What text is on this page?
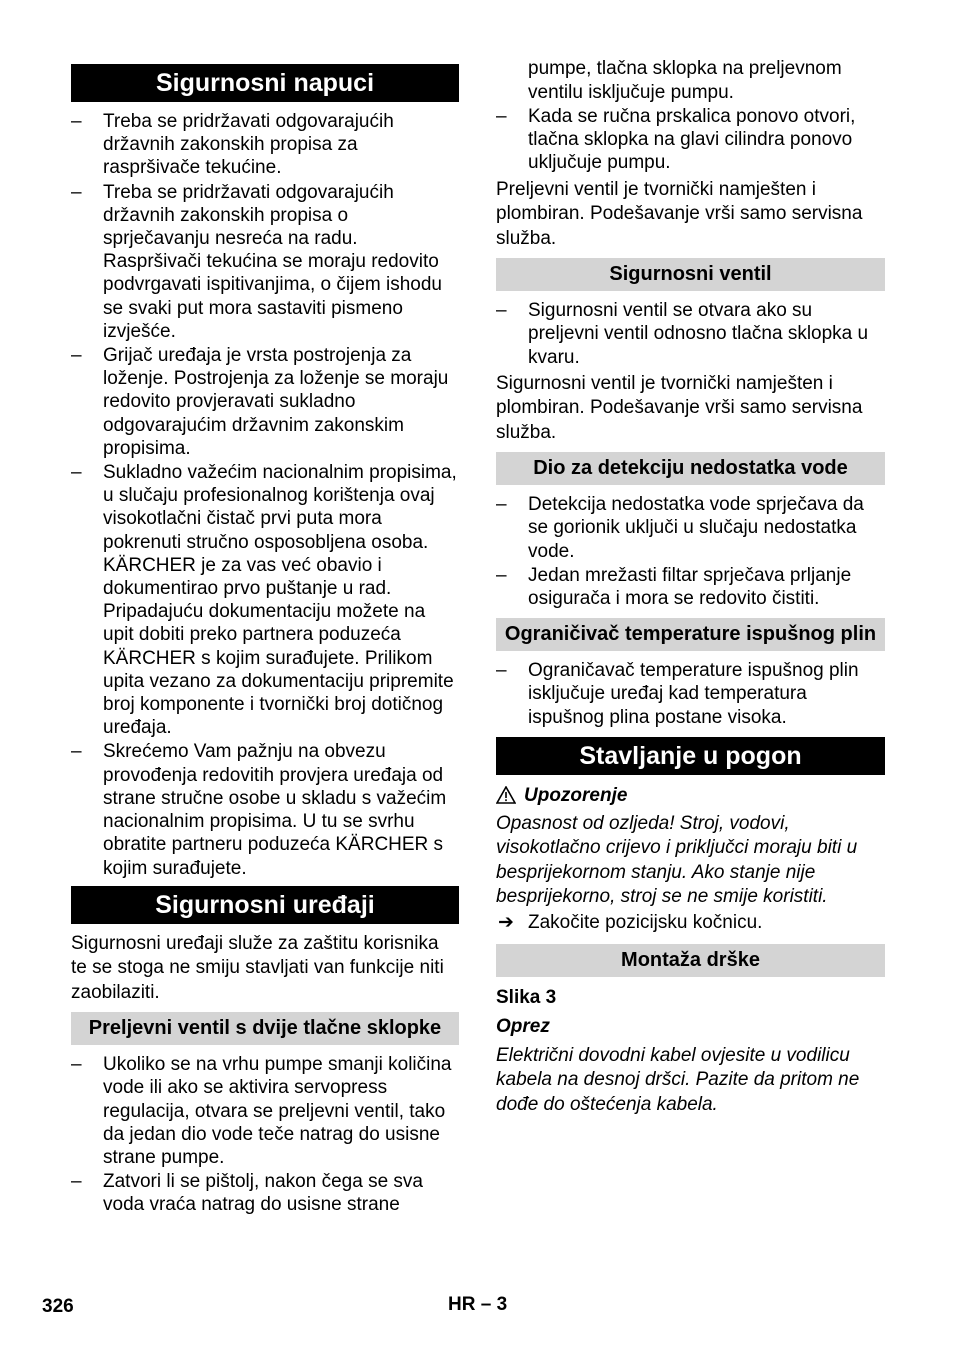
Sigurnosni napuci
– Treba se pridržavati odgovarajućih državnih zakonskih propisa za raspršivače tekućine.
– Treba se pridržavati odgovarajućih državnih zakonskih propisa o sprječavanju nesreća na radu. Raspršivači tekućina se moraju redovito podvrgavati ispitivanjima, o čijem ishodu se svaki put mora sastaviti pismeno izvješće.
– Grijač uređaja je vrsta postrojenja za loženje. Postrojenja za loženje se moraju redovito provjeravati sukladno odgovarajućim državnim zakonskim propisima.
– Sukladno važećim nacionalnim propisima, u slučaju profesionalnog korištenja ovaj visokotlačni čistač prvi puta mora pokrenuti stručno osposobljena osoba. KÄRCHER je za vas već obavio i dokumentirao prvo puštanje u rad. Pripadajuću dokumentaciju možete na upit dobiti preko partnera poduzeća KÄRCHER s kojim surađujete. Prilikom upita vezano za dokumentaciju pripremite broj komponente i tvornički broj dotičnog uređaja.
– Skrećemo Vam pažnju na obvezu provođenja redovitih provjera uređaja od strane stručne osobe u skladu s važećim nacionalnim propisima. U tu se svrhu obratite partneru poduzeća KÄRCHER s kojim surađujete.
Sigurnosni uređaji

Sigurnosni uređaji služe za zaštitu korisnika te se stoga ne smiju stavljati van funkcije niti zaobilaziti.

Preljevni ventil s dvije tlačne sklopke
– Ukoliko se na vrhu pumpe smanji količina vode ili ako se aktivira servopress regulacija, otvara se preljevni ventil, tako da jedan dio vode teče natrag do usisne strane pumpe.
– Zatvori li se pištolj, nakon čega se sva voda vraća natrag do usisne strane

pumpe, tlačna sklopka na preljevnom ventilu isključuje pumpu.

– Kada se ručna prskalica ponovo otvori, tlačna sklopka na glavi cilindra ponovo uključuje pumpu.

Preljevni ventil je tvornički namješten i plombiran. Podešavanje vrši samo servisna služba.

Sigurnosni ventil
– Sigurnosni ventil se otvara ako su preljevni ventil odnosno tlačna sklopka u kvaru.

Sigurnosni ventil je tvornički namješten i plombiran. Podešavanje vrši samo servisna služba.

Dio za detekciju nedostatka vode
– Detekcija nedostatka vode sprječava da se gorionik uključi u slučaju nedostatka vode.
– Jedan mrežasti filtar sprječava prljanje osigurača i mora se redovito čistiti.
Ograničivač temperature ispušnog plin
– Ograničavač temperature ispušnog plin isključuje uređaj kad temperatura ispušnog plina postane visoka.
Stavljanje u pogon
Upozorenje

Opasnost od ozljeda! Stroj, vodovi, visokotlačno crijevo i priključci moraju biti u besprijekornom stanju. Ako stanje nije besprijekorno, stroj se ne smije koristiti.

➔ Zakočite pozicijsku kočnicu.
Montaža drške

Slika 3

Oprez

Električni dovodni kabel ovjesite u vodilicu kabela na desnoj dršci. Pazite da pritom ne dođe do oštećenja kabela.

326	HR – 3
